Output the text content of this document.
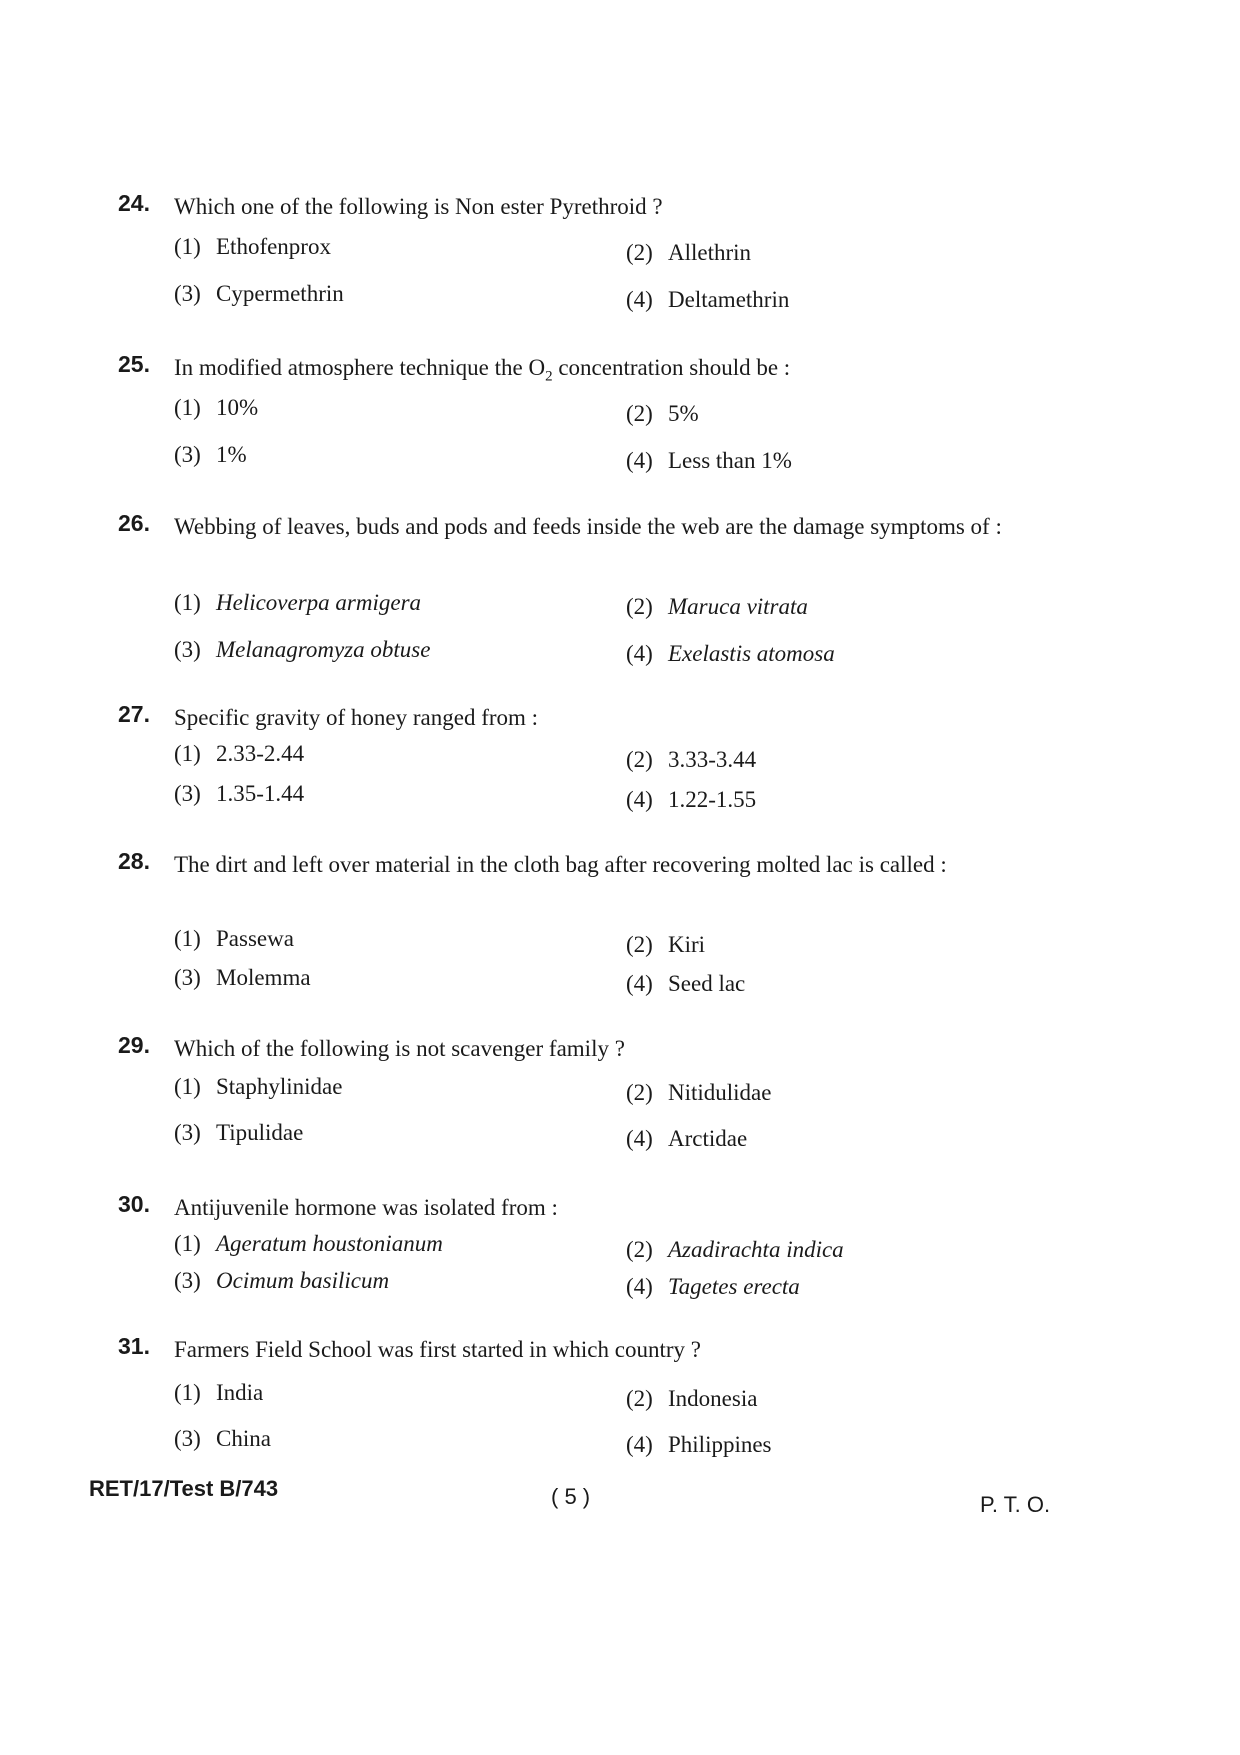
24. Which one of the following is Non ester Pyrethroid ?
(1) Ethofenprox	(2) Allethrin
(3) Cypermethrin	(4) Deltamethrin
25. In modified atmosphere technique the $O_2$ concentration should be :
(1) 10%	(2) 5%
(3) 1%	(4) Less than 1%
26. Webbing of leaves, buds and pods and feeds inside the web are the damage symptoms of :
(1) Helicoverpa armigera	(2) Maruca vitrata
(3) Melanagromyza obtuse	(4) Exelastis atomosa
27. Specific gravity of honey ranged from :
(1) 2.33-2.44	(2) 3.33-3.44
(3) 1.35-1.44	(4) 1.22-1.55
28. The dirt and left over material in the cloth bag after recovering molted lac is called :
(1) Passewa	(2) Kiri
(3) Molemma	(4) Seed lac
29. Which of the following is not scavenger family ?
(1) Staphylinidae	(2) Nitidulidae
(3) Tipulidae	(4) Arctidae
30. Antijuvenile hormone was isolated from :
(1) Ageratum houstonianum	(2) Azadirachta indica
(3) Ocimum basilicum	(4) Tagetes erecta
31. Farmers Field School was first started in which country ?
(1) India	(2) Indonesia
(3) China	(4) Philippines
RET/17/Test B/743	( 5 )	P. T. O.
